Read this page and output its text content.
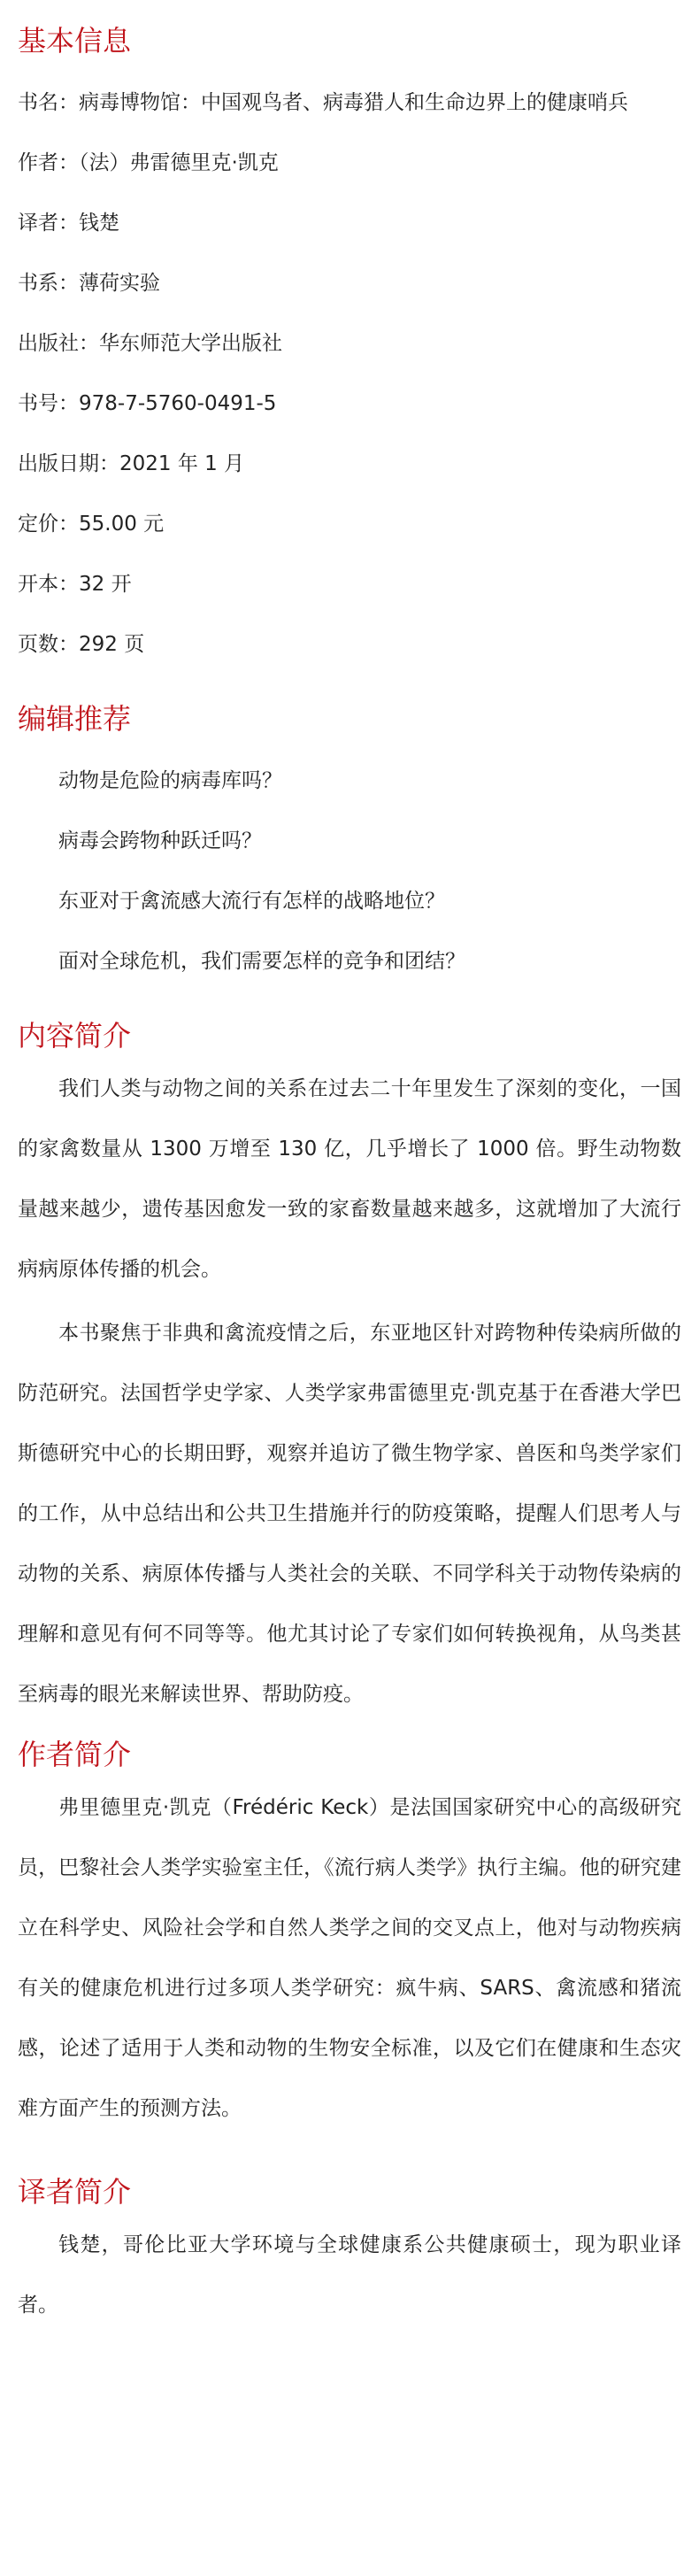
基本信息

书名：病毒博物馆：中国观鸟者、病毒猎人和生命边界上的健康哨兵

作者：（法）弗雷德里克·凯克

译者：钱楚

书系：薄荷实验

出版社：华东师范大学出版社

书号：978-7-5760-0491-5

出版日期：2021 年 1 月

定价：55.00 元

开本：32 开

页数：292 页

编辑推荐

动物是危险的病毒库吗？

病毒会跨物种跃迁吗？

东亚对于禽流感大流行有怎样的战略地位？

面对全球危机，我们需要怎样的竞争和团结？

内容简介

我们人类与动物之间的关系在过去二十年里发生了深刻的变化，一国的家禽数量从 1300 万增至 130 亿，几乎增长了 1000 倍。野生动物数量越来越少，遗传基因愈发一致的家畜数量越来越多，这就增加了大流行病病原体传播的机会。

本书聚焦于非典和禽流疫情之后，东亚地区针对跨物种传染病所做的防范研究。法国哲学史学家、人类学家弗雷德里克·凯克基于在香港大学巴斯德研究中心的长期田野，观察并追访了微生物学家、兽医和鸟类学家们的工作，从中总结出和公共卫生措施并行的防疫策略，提醒人们思考人与动物的关系、病原体传播与人类社会的关联、不同学科关于动物传染病的理解和意见有何不同等等。他尤其讨论了专家们如何转换视角，从鸟类甚至病毒的眼光来解读世界、帮助防疫。

作者简介

弗里德里克·凯克（Frédéric Keck）是法国国家研究中心的高级研究员，巴黎社会人类学实验室主任，《流行病人类学》执行主编。他的研究建立在科学史、风险社会学和自然人类学之间的交叉点上，他对与动物疾病有关的健康危机进行过多项人类学研究：疯牛病、SARS、禽流感和猪流感，论述了适用于人类和动物的生物安全标准，以及它们在健康和生态灾难方面产生的预测方法。

译者简介

钱楚，哥伦比亚大学环境与全球健康系公共健康硕士，现为职业译者。
